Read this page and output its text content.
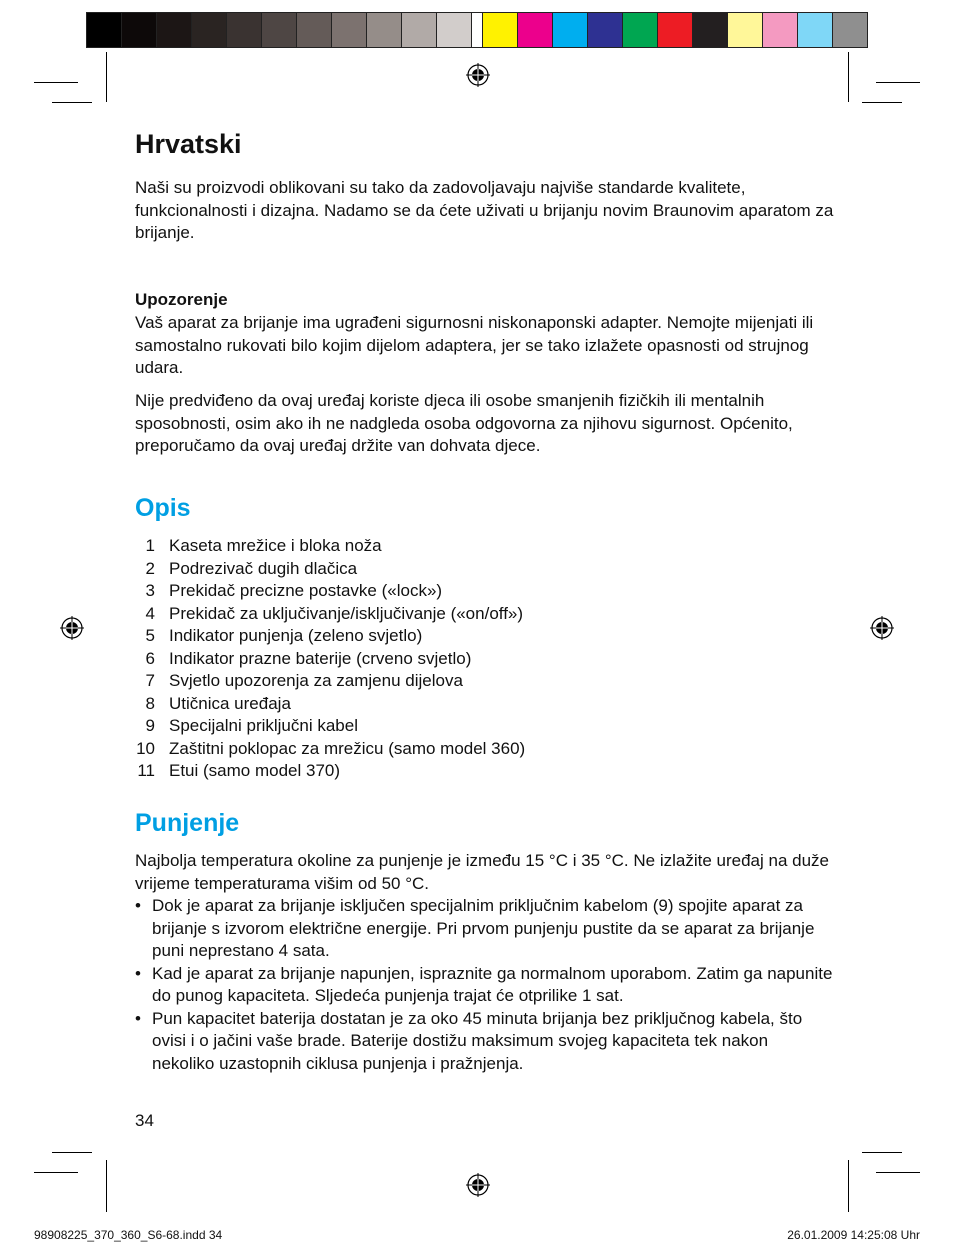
Hrvatski

Naši su proizvodi oblikovani su tako da zadovoljavaju najviše standarde kvalitete, funkcionalnosti i dizajna. Nadamo se da ćete uživati u brijanju novim Braunovim aparatom za brijanje.

Upozorenje

Vaš aparat za brijanje ima ugrađeni sigurnosni niskonaponski adapter. Nemojte mijenjati ili samostalno rukovati bilo kojim dijelom adaptera, jer se tako izlažete opasnosti od strujnog udara.

Nije predviđeno da ovaj uređaj koriste djeca ili osobe smanjenih fizičkih ili mentalnih sposobnosti, osim ako ih ne nadgleda osoba odgovorna za njihovu sigurnost. Općenito, preporučamo da ovaj uređaj držite van dohvata djece.

Opis
1 Kaseta mrežice i bloka noža
2 Podrezivač dugih dlačica
3 Prekidač precizne postavke («lock»)
4 Prekidač za uključivanje/isključivanje («on/off»)
5 Indikator punjenja (zeleno svjetlo)
6 Indikator prazne baterije (crveno svjetlo)
7 Svjetlo upozorenja za zamjenu dijelova
8 Utičnica uređaja
9 Specijalni priključni kabel
10 Zaštitni poklopac za mrežicu (samo model 360)
11 Etui (samo model 370)
Punjenje

Najbolja temperatura okoline za punjenje je između 15 °C i 35 °C. Ne izlažite uređaj na duže vrijeme temperaturama višim od 50 °C.

• Dok je aparat za brijanje isključen specijalnim priključnim kabelom (9) spojite aparat za brijanje s izvorom električne energije. Pri prvom punjenju pustite da se aparat za brijanje puni neprestano 4 sata.
• Kad je aparat za brijanje napunjen, ispraznite ga normalnom uporabom. Zatim ga napunite do punog kapaciteta. Sljedeća punjenja trajat će otprilike 1 sat.
• Pun kapacitet baterija dostatan je za oko 45 minuta brijanja bez priključnog kabela, što ovisi i o jačini vaše brade. Baterije dostižu maksimum svojeg kapaciteta tek nakon nekoliko uzastopnih ciklusa punjenja i pražnjenja.
34
98908225_370_360_S6-68.indd 34	26.01.2009 14:25:08 Uhr
